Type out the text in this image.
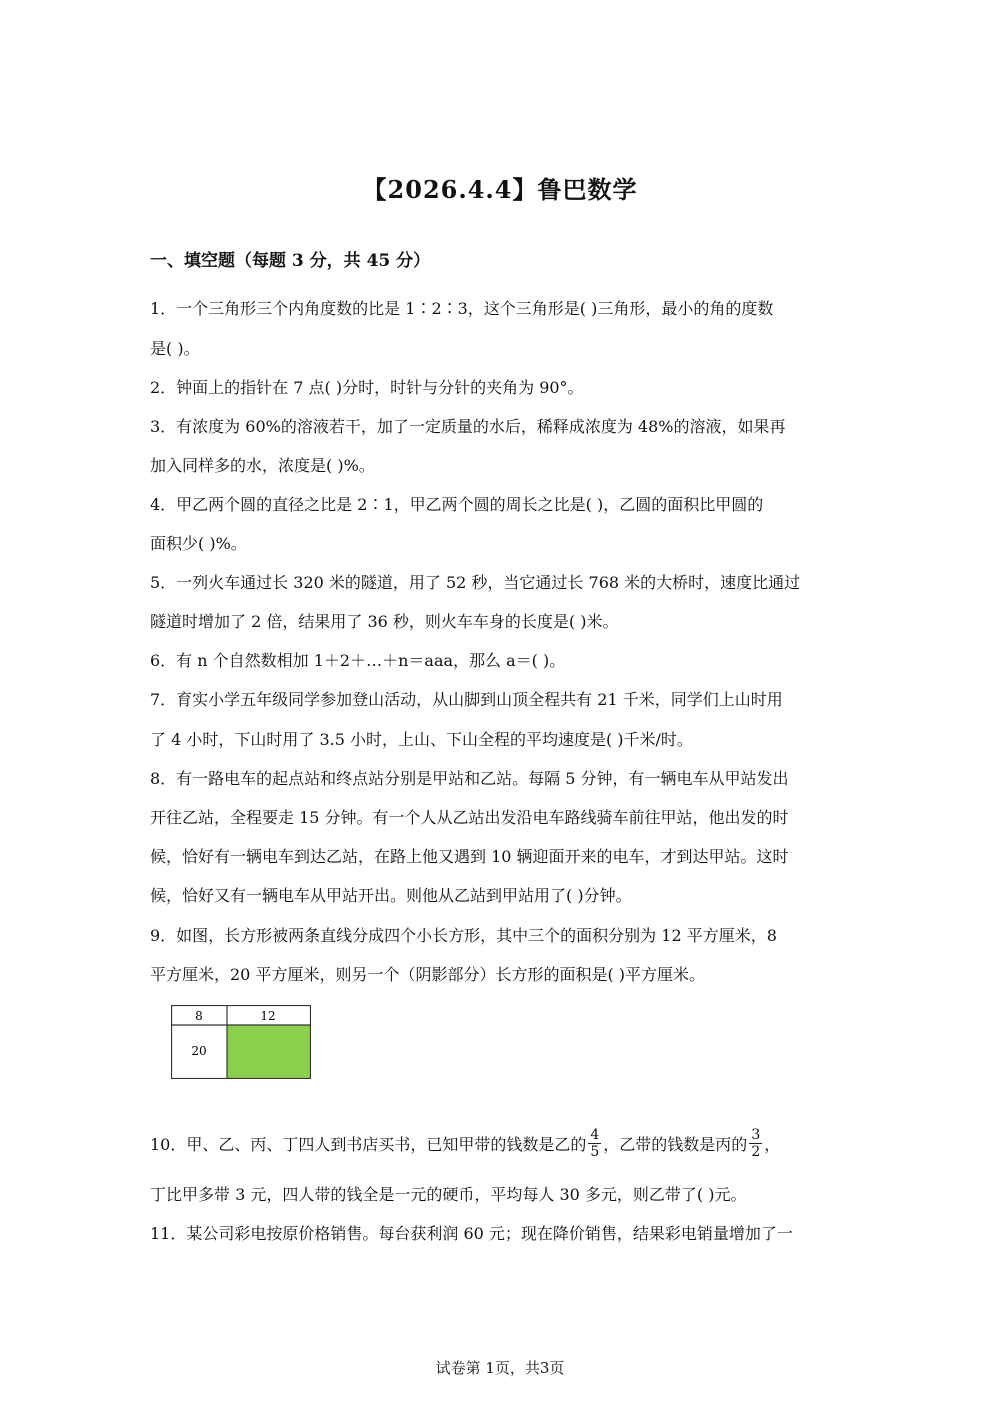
【2026.4.4】鲁巴数学
一、填空题（每题 3 分，共 45 分）
1．一个三角形三个内角度数的比是 1∶2∶3，这个三角形是( )三角形，最小的角的度数
是( )。
2．钟面上的指针在 7 点( )分时，时针与分针的夹角为 90°。
3．有浓度为 60%的溶液若干，加了一定质量的水后，稀释成浓度为 48%的溶液，如果再
加入同样多的水，浓度是( )%。
4．甲乙两个圆的直径之比是 2∶1，甲乙两个圆的周长之比是( )，乙圆的面积比甲圆的
面积少( )%。
5．一列火车通过长 320 米的隧道，用了 52 秒，当它通过长 768 米的大桥时，速度比通过
隧道时增加了 2 倍，结果用了 36 秒，则火车车身的长度是( )米。
6．有 n 个自然数相加 1＋2＋…＋n＝aaa，那么 a＝( )。
7．育实小学五年级同学参加登山活动，从山脚到山顶全程共有 21 千米，同学们上山时用
了 4 小时，下山时用了 3.5 小时，上山、下山全程的平均速度是( )千米/时。
8．有一路电车的起点站和终点站分别是甲站和乙站。每隔 5 分钟，有一辆电车从甲站发出
开往乙站，全程要走 15 分钟。有一个人从乙站出发沿电车路线骑车前往甲站，他出发的时
候，恰好有一辆电车到达乙站，在路上他又遇到 10 辆迎面开来的电车，才到达甲站。这时
候，恰好又有一辆电车从甲站开出。则他从乙站到甲站用了( )分钟。
9．如图，长方形被两条直线分成四个小长方形，其中三个的面积分别为 12 平方厘米，8
平方厘米，20 平方厘米，则另一个（阴影部分）长方形的面积是( )平方厘米。
8	12
20
10．甲、乙、丙、丁四人到书店买书，已知甲带的钱数是乙的 $\frac{4}{5}$ ，乙带的钱数是丙的 $\frac{3}{2}$ ，
丁比甲多带 3 元，四人带的钱全是一元的硬币，平均每人 30 多元，则乙带了( )元。
11．某公司彩电按原价格销售。每台获利润 60 元；现在降价销售，结果彩电销量增加了一
试卷第 1页，共3页
